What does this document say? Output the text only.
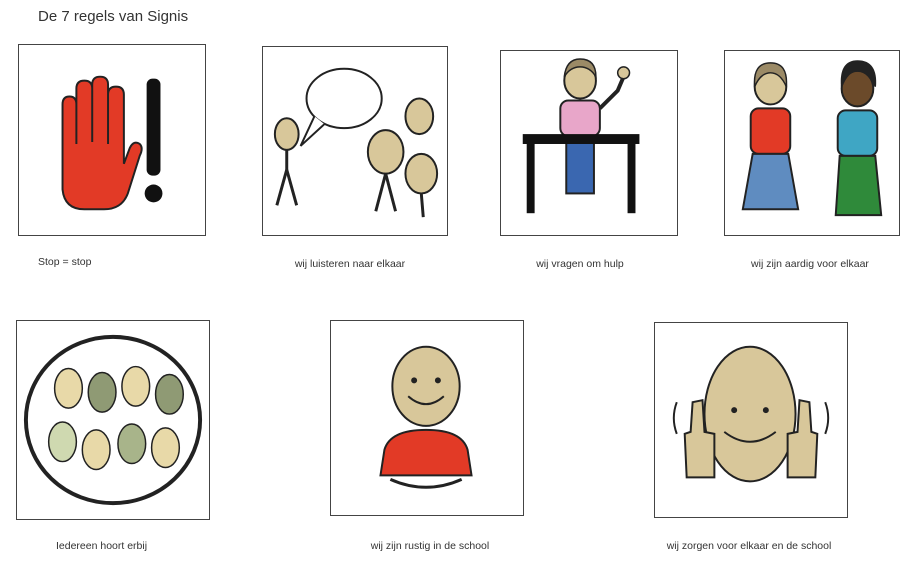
De 7 regels van Signis
Stop = stop	wij luisteren naar elkaar	wij vragen om hulp	wij zijn aardig voor elkaar
Iedereen hoort erbij	wij zijn rustig in de school	wij zorgen voor elkaar en de school
